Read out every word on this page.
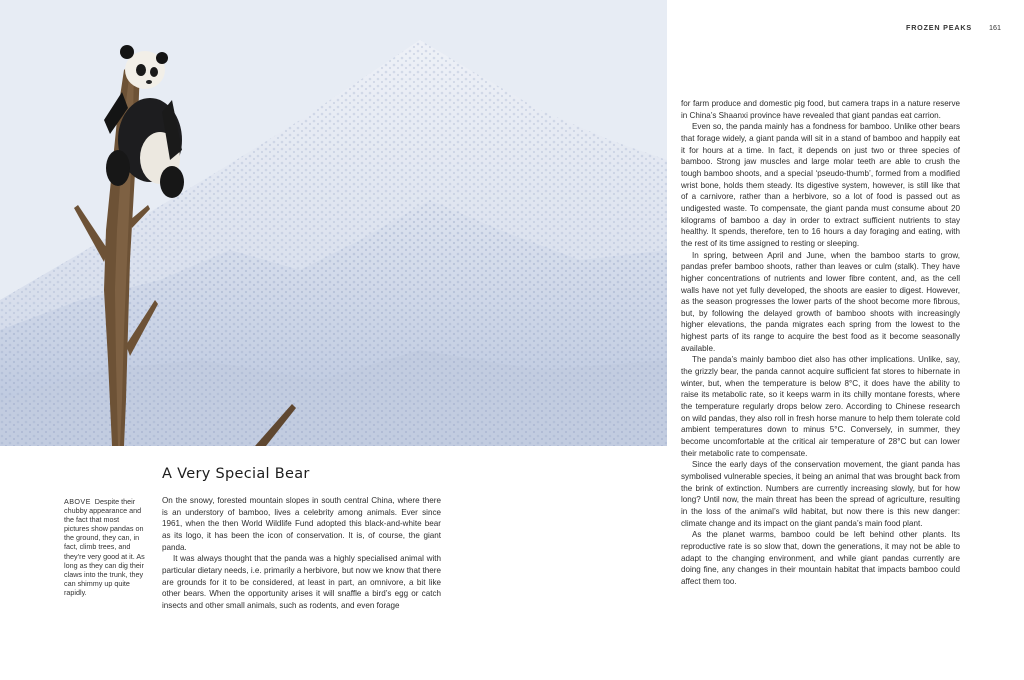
A Very Special Bear
ABOVE Despite their chubby appearance and the fact that most pictures show pandas on the ground, they can, in fact, climb trees, and they’re very good at it. As long as they can dig their claws into the trunk, they can shimmy up quite rapidly.

On the snowy, forested mountain slopes in south central China, where there is an understory of bamboo, lives a celebrity among animals. Ever since 1961, when the then World Wildlife Fund adopted this black-and-white bear as its logo, it has been the icon of conservation. It is, of course, the giant panda.

It was always thought that the panda was a highly specialised animal with particular dietary needs, i.e. primarily a herbivore, but now we know that there are grounds for it to be considered, at least in part, an omnivore, a bit like other bears. When the opportunity arises it will snaffle a bird’s egg or catch insects and other small animals, such as rodents, and even forage

FROZEN PEAKS 161

for farm produce and domestic pig food, but camera traps in a nature reserve in China’s Shaanxi province have revealed that giant pandas eat carrion.

Even so, the panda mainly has a fondness for bamboo. Unlike other bears that forage widely, a giant panda will sit in a stand of bamboo and happily eat it for hours at a time. In fact, it depends on just two or three species of bamboo. Strong jaw muscles and large molar teeth are able to crush the tough bamboo shoots, and a special ‘pseudo-thumb’, formed from a modified wrist bone, holds them steady. Its digestive system, however, is still like that of a carnivore, rather than a herbivore, so a lot of food is passed out as undigested waste. To compensate, the giant panda must consume about 20 kilograms of bamboo a day in order to extract sufficient nutrients to stay healthy. It spends, therefore, ten to 16 hours a day foraging and eating, with the rest of its time assigned to resting or sleeping.

In spring, between April and June, when the bamboo starts to grow, pandas prefer bamboo shoots, rather than leaves or culm (stalk). They have higher concentrations of nutrients and lower fibre content, and, as the cell walls have not yet fully developed, the shoots are easier to digest. However, as the season progresses the lower parts of the shoot become more fibrous, but, by following the delayed growth of bamboo shoots with increasingly higher elevations, the panda migrates each spring from the lowest to the highest parts of its range to acquire the best food as it become seasonally available.

The panda’s mainly bamboo diet also has other implications. Unlike, say, the grizzly bear, the panda cannot acquire sufficient fat stores to hibernate in winter, but, when the temperature is below 8°C, it does have the ability to raise its metabolic rate, so it keeps warm in its chilly montane forests, where the temperature regularly drops below zero. According to Chinese research on wild pandas, they also roll in fresh horse manure to help them tolerate cold ambient temperatures down to minus 5°C. Conversely, in summer, they become uncomfortable at the critical air temperature of 28°C but can lower their metabolic rate to compensate.

Since the early days of the conservation movement, the giant panda has symbolised vulnerable species, it being an animal that was brought back from the brink of extinction. Numbers are currently increasing slowly, but for how long? Until now, the main threat has been the spread of agriculture, resulting in the loss of the animal’s wild habitat, but now there is this new danger: climate change and its impact on the giant panda’s main food plant.

As the planet warms, bamboo could be left behind other plants. Its reproductive rate is so slow that, down the generations, it may not be able to adapt to the changing environment, and while giant pandas currently are doing fine, any changes in their mountain habitat that impacts bamboo could affect them too.
